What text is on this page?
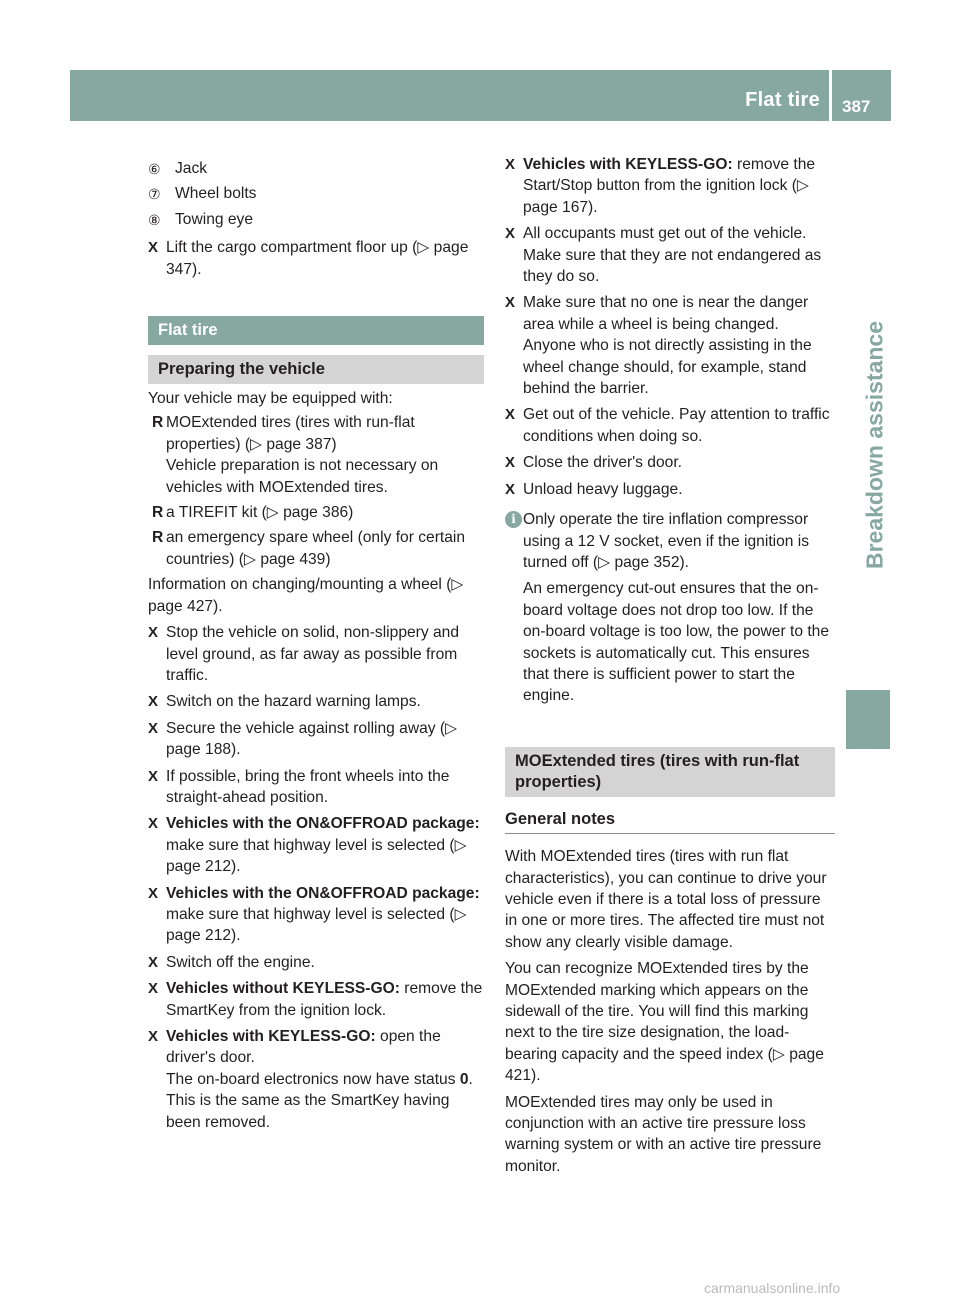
Flat tire 387
Breakdown assistance
⑥ Jack
⑦ Wheel bolts
⑧ Towing eye
X Lift the cargo compartment floor up (▷ page 347).
Flat tire
Preparing the vehicle

Your vehicle may be equipped with:

R MOExtended tires (tires with run-flat properties) (▷ page 387)

Vehicle preparation is not necessary on vehicles with MOExtended tires.

R a TIREFIT kit (▷ page 386)
R an emergency spare wheel (only for certain countries) (▷ page 439)

Information on changing/mounting a wheel (▷ page 427).

X Stop the vehicle on solid, non-slippery and level ground, as far away as possible from traffic.
X Switch on the hazard warning lamps.
X Secure the vehicle against rolling away (▷ page 188).
X If possible, bring the front wheels into the straight-ahead position.
X Vehicles with the ON&OFFROAD package: make sure that highway level is selected (▷ page 212).
X Vehicles with the ON&OFFROAD package: make sure that highway level is selected (▷ page 212).
X Switch off the engine.
X Vehicles without KEYLESS-GO: remove the SmartKey from the ignition lock.
X Vehicles with KEYLESS-GO: open the driver's door.

The on-board electronics now have status 0. This is the same as the SmartKey having been removed.

X Vehicles with KEYLESS-GO: remove the Start/Stop button from the ignition lock (▷ page 167).
X All occupants must get out of the vehicle. Make sure that they are not endangered as they do so.
X Make sure that no one is near the danger area while a wheel is being changed. Anyone who is not directly assisting in the wheel change should, for example, stand behind the barrier.
X Get out of the vehicle. Pay attention to traffic conditions when doing so.
X Close the driver's door.
X Unload heavy luggage.
i Only operate the tire inflation compressor using a 12 V socket, even if the ignition is turned off (▷ page 352).

An emergency cut-out ensures that the on-board voltage does not drop too low. If the on-board voltage is too low, the power to the sockets is automatically cut. This ensures that there is sufficient power to start the engine.

MOExtended tires (tires with run-flat properties)
General notes

With MOExtended tires (tires with run flat characteristics), you can continue to drive your vehicle even if there is a total loss of pressure in one or more tires. The affected tire must not show any clearly visible damage.

You can recognize MOExtended tires by the MOExtended marking which appears on the sidewall of the tire. You will find this marking next to the tire size designation, the load-bearing capacity and the speed index (▷ page 421).

MOExtended tires may only be used in conjunction with an active tire pressure loss warning system or with an active tire pressure monitor.

carmanualsonline.info
